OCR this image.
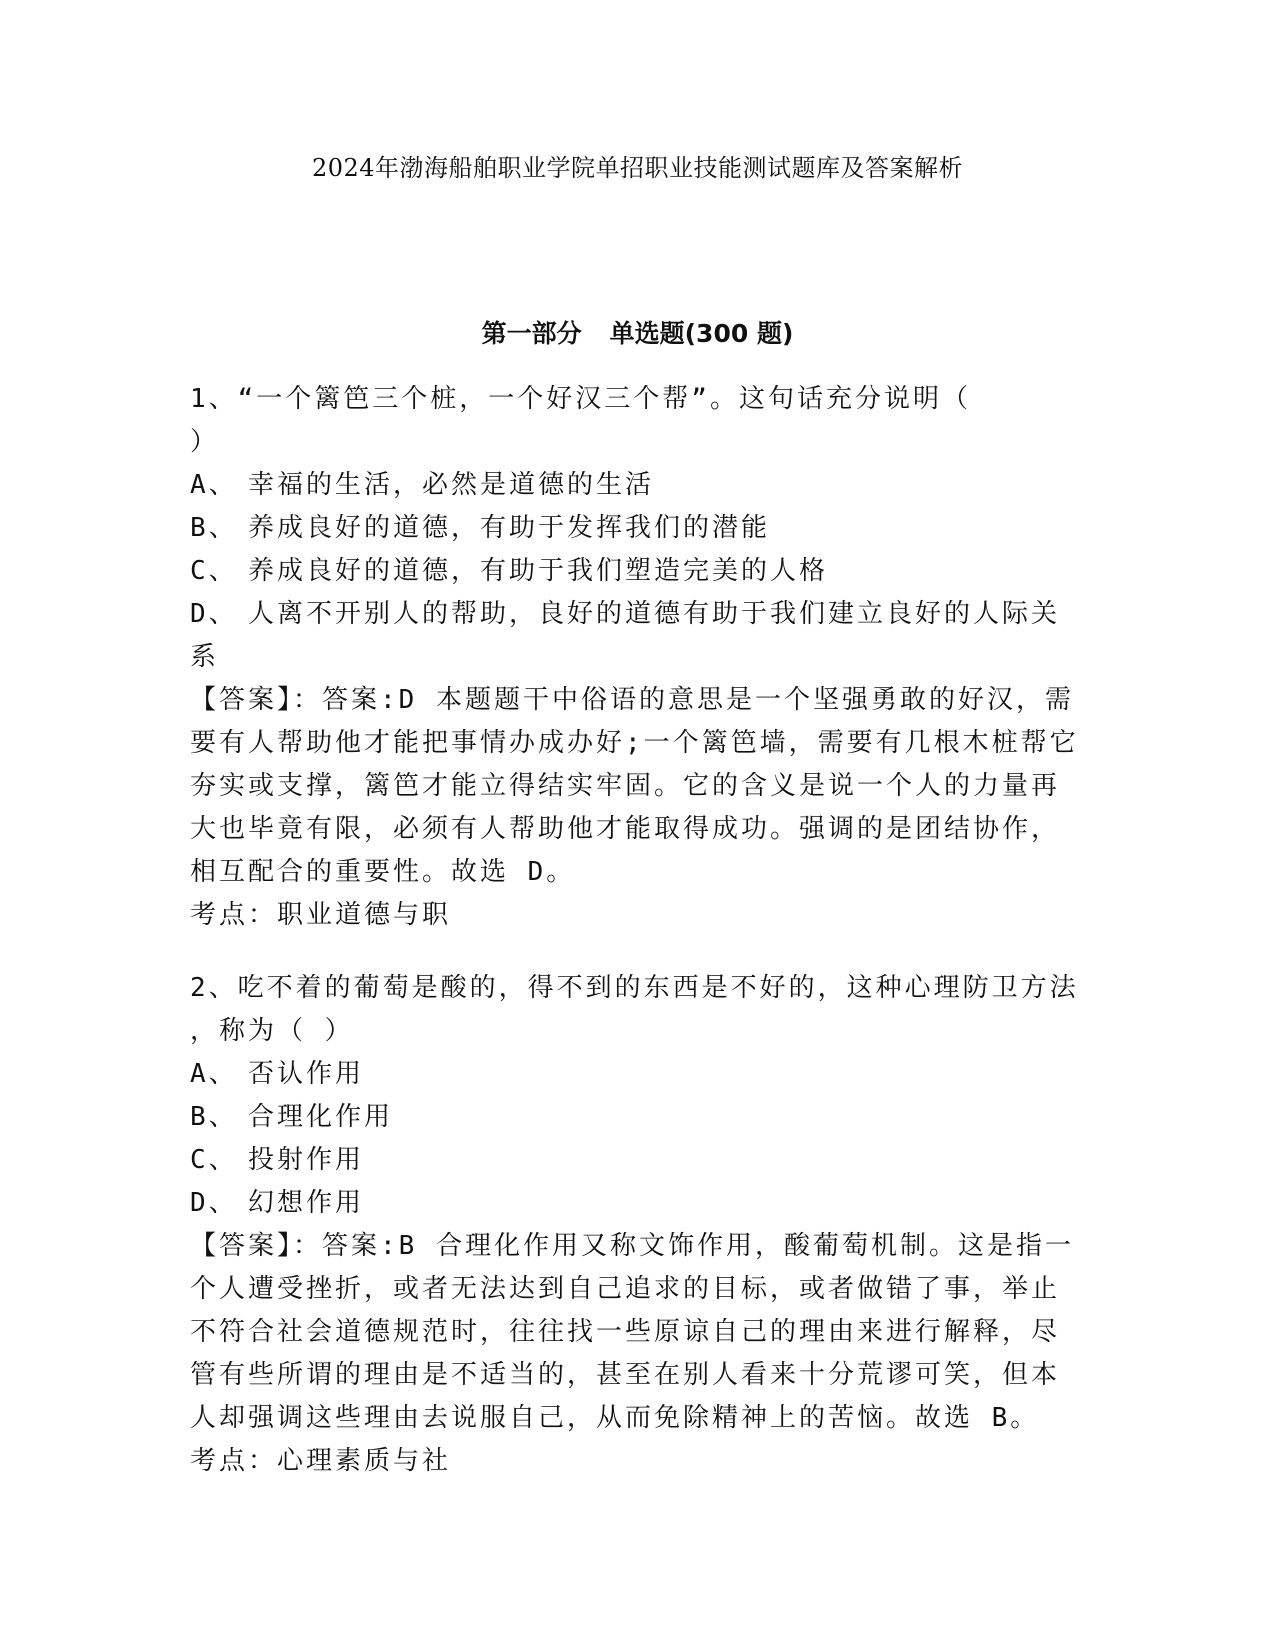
2024年渤海船舶职业学院单招职业技能测试题库及答案解析
第一部分 单选题(300 题)
1、“一个篱笆三个桩，一个好汉三个帮”。这句话充分说明（
）
A、 幸福的生活，必然是道德的生活
B、 养成良好的道德，有助于发挥我们的潜能
C、 养成良好的道德，有助于我们塑造完美的人格
D、 人离不开别人的帮助，良好的道德有助于我们建立良好的人际关
系
【答案】：答案:D 本题题干中俗语的意思是一个坚强勇敢的好汉，需
要有人帮助他才能把事情办成办好;一个篱笆墙，需要有几根木桩帮它
夯实或支撑，篱笆才能立得结实牢固。它的含义是说一个人的力量再
大也毕竟有限，必须有人帮助他才能取得成功。强调的是团结协作，
相互配合的重要性。故选 D。
考点：职业道德与职
2、吃不着的葡萄是酸的，得不到的东西是不好的，这种心理防卫方法
，称为（ ）
A、 否认作用
B、 合理化作用
C、 投射作用
D、 幻想作用
【答案】：答案:B 合理化作用又称文饰作用，酸葡萄机制。这是指一
个人遭受挫折，或者无法达到自己追求的目标，或者做错了事，举止
不符合社会道德规范时，往往找一些原谅自己的理由来进行解释，尽
管有些所谓的理由是不适当的，甚至在别人看来十分荒谬可笑，但本
人却强调这些理由去说服自己，从而免除精神上的苦恼。故选 B。
考点：心理素质与社
